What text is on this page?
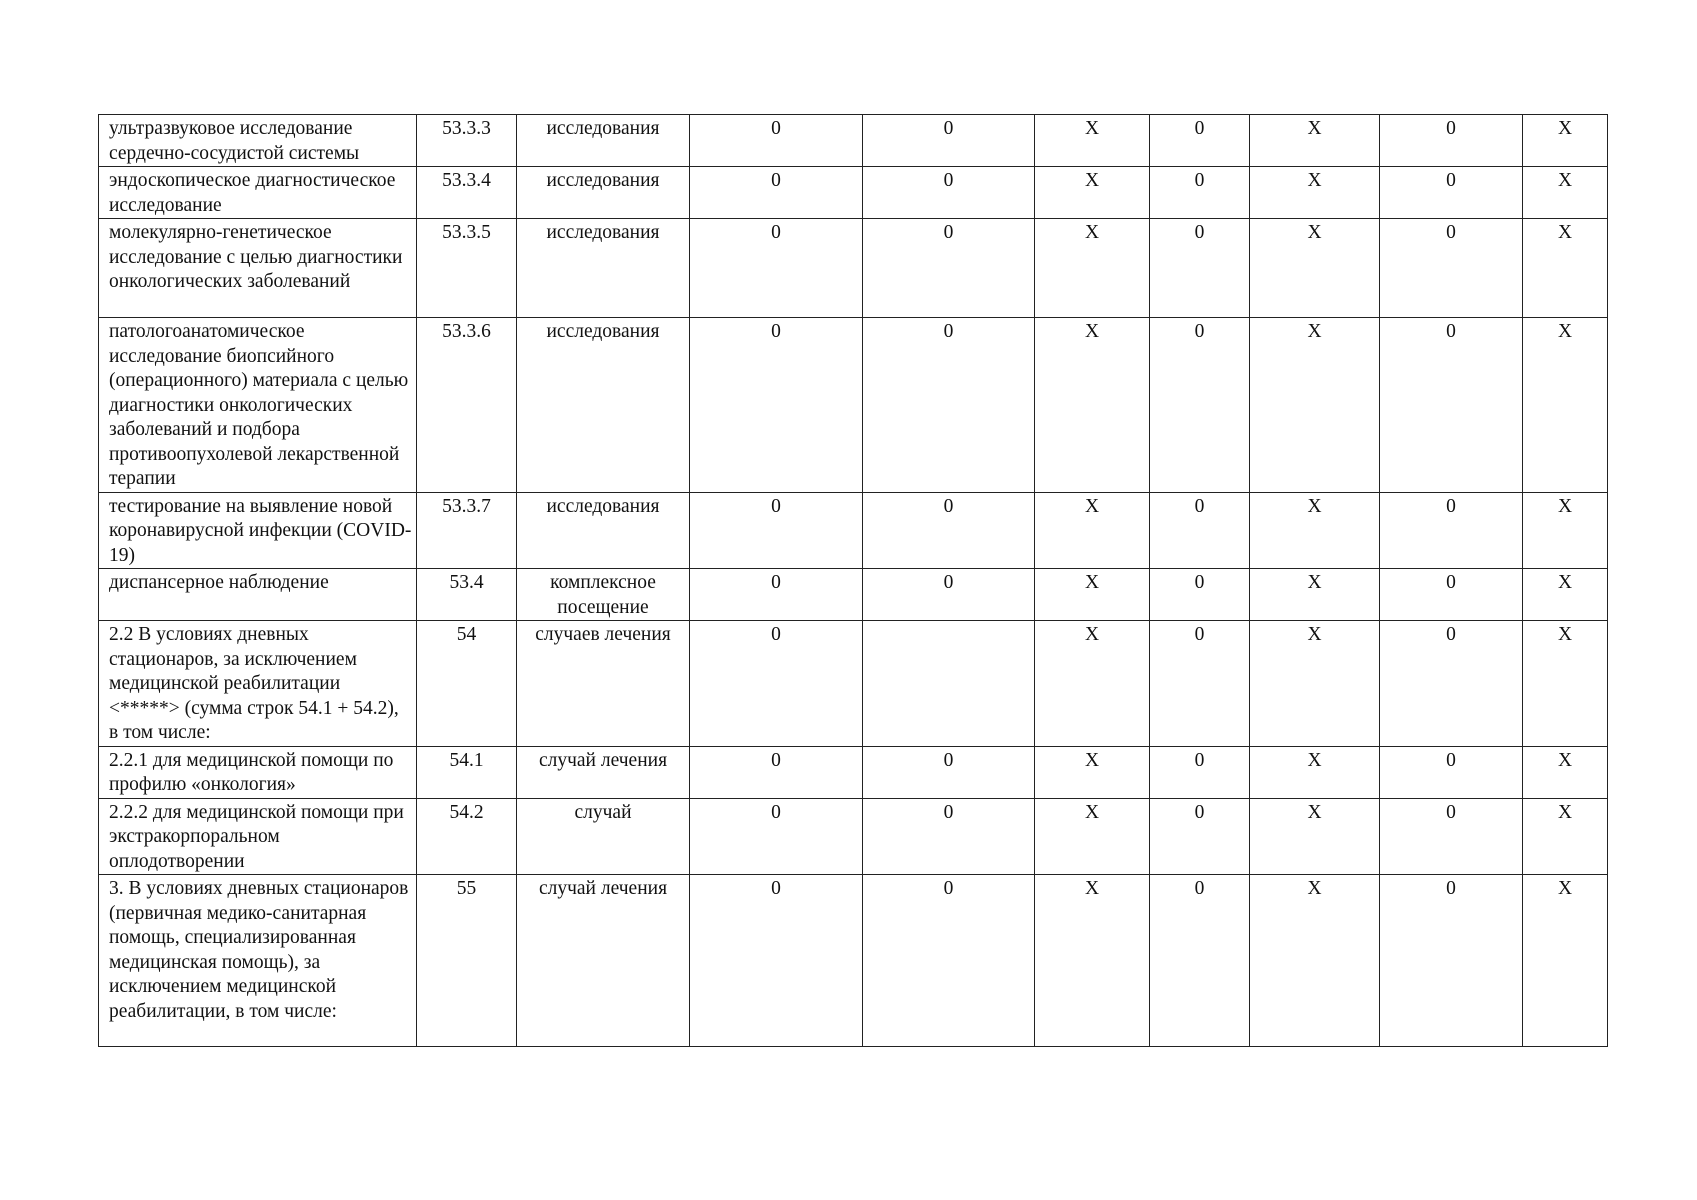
ультразвуковое исследование сердечно-сосудистой системы	53.3.3	исследования	0	0	X	0	X	0	X
эндоскопическое диагностическое исследование	53.3.4	исследования	0	0	X	0	X	0	X
молекулярно-генетическое исследование с целью диагностики онкологических заболеваний	53.3.5	исследования	0	0	X	0	X	0	X
патологоанатомическое исследование биопсийного (операционного) материала с целью диагностики онкологических заболеваний и подбора противоопухолевой лекарственной терапии	53.3.6	исследования	0	0	X	0	X	0	X
тестирование на выявление новой коронавирусной инфекции (COVID-19)	53.3.7	исследования	0	0	X	0	X	0	X
диспансерное наблюдение	53.4	комплексное посещение	0	0	X	0	X	0	X
2.2 В условиях дневных стационаров, за исключением медицинской реабилитации <*****> (сумма строк 54.1 + 54.2), в том числе:	54	случаев лечения	0		X	0	X	0	X
2.2.1 для медицинской помощи по профилю «онкология»	54.1	случай лечения	0	0	X	0	X	0	X
2.2.2 для медицинской помощи при экстракорпоральном оплодотворении	54.2	случай	0	0	X	0	X	0	X
3. В условиях дневных стационаров (первичная медико-санитарная помощь, специализированная медицинская помощь), за исключением медицинской реабилитации, в том числе:	55	случай лечения	0	0	X	0	X	0	X
